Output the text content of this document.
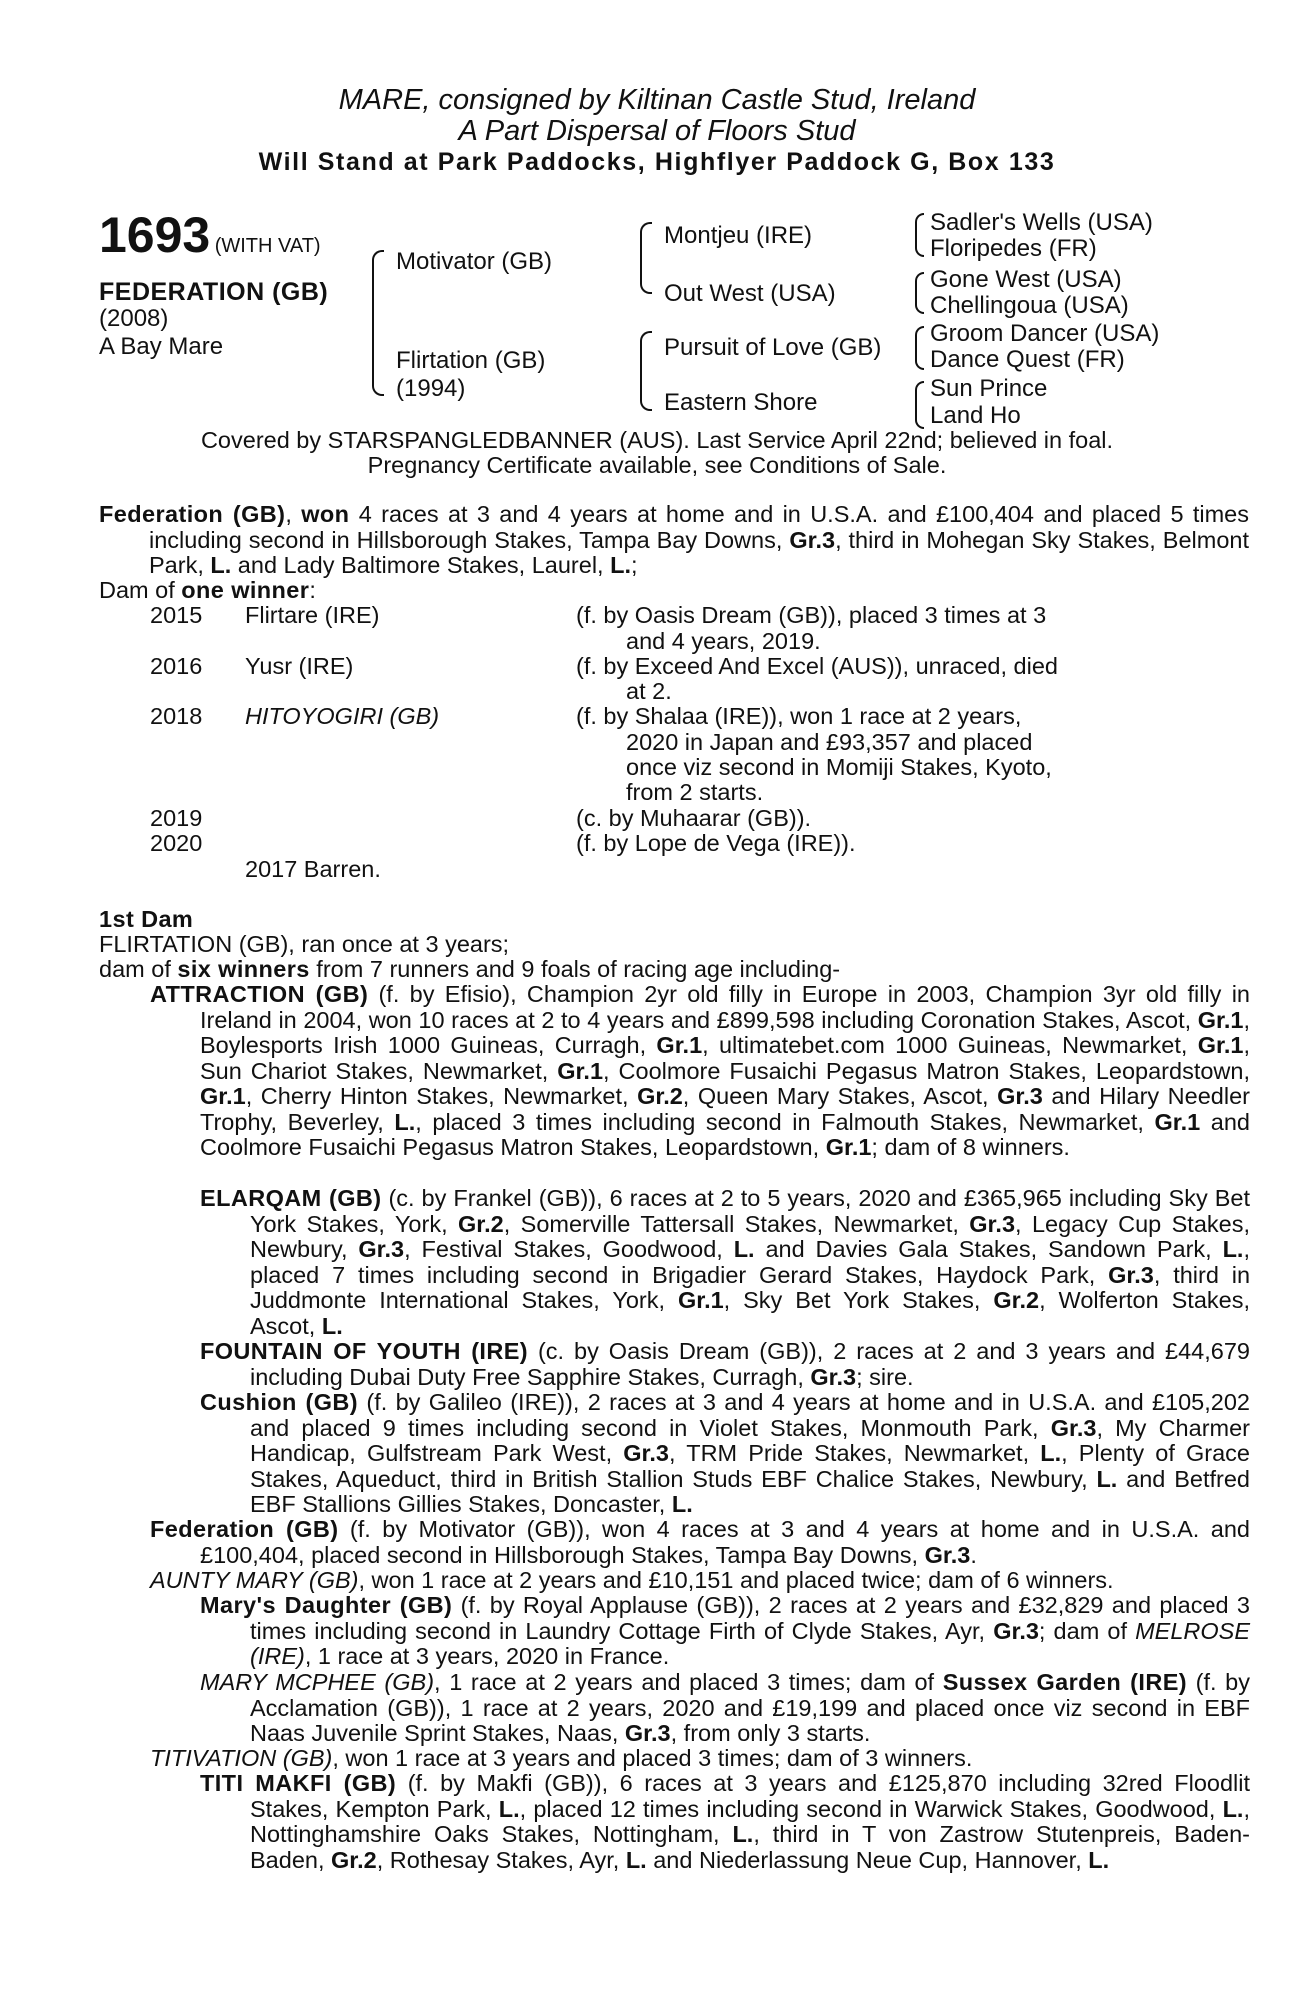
MARE, consigned by Kiltinan Castle Stud, Ireland
A Part Dispersal of Floors Stud
Will Stand at Park Paddocks, Highflyer Paddock G, Box 133
1693 (WITH VAT)
FEDERATION (GB)
(2008)
A Bay Mare
Motivator (GB)
Flirtation (GB)
(1994)
Montjeu (IRE)
Out West (USA)
Pursuit of Love (GB)
Eastern Shore
Sadler's Wells (USA)
Floripedes (FR)
Gone West (USA)
Chellingoua (USA)
Groom Dancer (USA)
Dance Quest (FR)
Sun Prince
Land Ho
Covered by STARSPANGLEDBANNER (AUS). Last Service April 22nd; believed in foal.
Pregnancy Certificate available, see Conditions of Sale.
Federation (GB), won 4 races at 3 and 4 years at home and in U.S.A. and £100,404 and placed 5 times including second in Hillsborough Stakes, Tampa Bay Downs, Gr.3, third in Mohegan Sky Stakes, Belmont Park, L. and Lady Baltimore Stakes, Laurel, L.;
Dam of one winner:
2015 Flirtare (IRE)	(f. by Oasis Dream (GB)), placed 3 times at 3
and 4 years, 2019.
2016 Yusr (IRE)	(f. by Exceed And Excel (AUS)), unraced, died
at 2.
2018 HITOYOGIRI (GB)	(f. by Shalaa (IRE)), won 1 race at 2 years,
2020 in Japan and £93,357 and placed
once viz second in Momiji Stakes, Kyoto,
from 2 starts.
2019	(c. by Muhaarar (GB)).
2020	(f. by Lope de Vega (IRE)).
2017 Barren.
1st Dam
FLIRTATION (GB), ran once at 3 years;
dam of six winners from 7 runners and 9 foals of racing age including-
ATTRACTION (GB) (f. by Efisio), Champion 2yr old filly in Europe in 2003, Champion 3yr old filly in Ireland in 2004, won 10 races at 2 to 4 years and £899,598 including Coronation Stakes, Ascot, Gr.1, Boylesports Irish 1000 Guineas, Curragh, Gr.1, ultimatebet.com 1000 Guineas, Newmarket, Gr.1, Sun Chariot Stakes, Newmarket, Gr.1, Coolmore Fusaichi Pegasus Matron Stakes, Leopardstown, Gr.1, Cherry Hinton Stakes, Newmarket, Gr.2, Queen Mary Stakes, Ascot, Gr.3 and Hilary Needler Trophy, Beverley, L., placed 3 times including second in Falmouth Stakes, Newmarket, Gr.1 and Coolmore Fusaichi Pegasus Matron Stakes, Leopardstown, Gr.1; dam of 8 winners.
ELARQAM (GB) (c. by Frankel (GB)), 6 races at 2 to 5 years, 2020 and £365,965 including Sky Bet York Stakes, York, Gr.2, Somerville Tattersall Stakes, Newmarket, Gr.3, Legacy Cup Stakes, Newbury, Gr.3, Festival Stakes, Goodwood, L. and Davies Gala Stakes, Sandown Park, L., placed 7 times including second in Brigadier Gerard Stakes, Haydock Park, Gr.3, third in Juddmonte International Stakes, York, Gr.1, Sky Bet York Stakes, Gr.2, Wolferton Stakes, Ascot, L.
FOUNTAIN OF YOUTH (IRE) (c. by Oasis Dream (GB)), 2 races at 2 and 3 years and £44,679 including Dubai Duty Free Sapphire Stakes, Curragh, Gr.3; sire.
Cushion (GB) (f. by Galileo (IRE)), 2 races at 3 and 4 years at home and in U.S.A. and £105,202 and placed 9 times including second in Violet Stakes, Monmouth Park, Gr.3, My Charmer Handicap, Gulfstream Park West, Gr.3, TRM Pride Stakes, Newmarket, L., Plenty of Grace Stakes, Aqueduct, third in British Stallion Studs EBF Chalice Stakes, Newbury, L. and Betfred EBF Stallions Gillies Stakes, Doncaster, L.
Federation (GB) (f. by Motivator (GB)), won 4 races at 3 and 4 years at home and in U.S.A. and £100,404, placed second in Hillsborough Stakes, Tampa Bay Downs, Gr.3.
AUNTY MARY (GB), won 1 race at 2 years and £10,151 and placed twice; dam of 6 winners.
Mary's Daughter (GB) (f. by Royal Applause (GB)), 2 races at 2 years and £32,829 and placed 3 times including second in Laundry Cottage Firth of Clyde Stakes, Ayr, Gr.3; dam of MELROSE (IRE), 1 race at 3 years, 2020 in France.
MARY MCPHEE (GB), 1 race at 2 years and placed 3 times; dam of Sussex Garden (IRE) (f. by Acclamation (GB)), 1 race at 2 years, 2020 and £19,199 and placed once viz second in EBF Naas Juvenile Sprint Stakes, Naas, Gr.3, from only 3 starts.
TITIVATION (GB), won 1 race at 3 years and placed 3 times; dam of 3 winners.
TITI MAKFI (GB) (f. by Makfi (GB)), 6 races at 3 years and £125,870 including 32red Floodlit Stakes, Kempton Park, L., placed 12 times including second in Warwick Stakes, Goodwood, L., Nottinghamshire Oaks Stakes, Nottingham, L., third in T von Zastrow Stutenpreis, Baden-Baden, Gr.2, Rothesay Stakes, Ayr, L. and Niederlassung Neue Cup, Hannover, L.
